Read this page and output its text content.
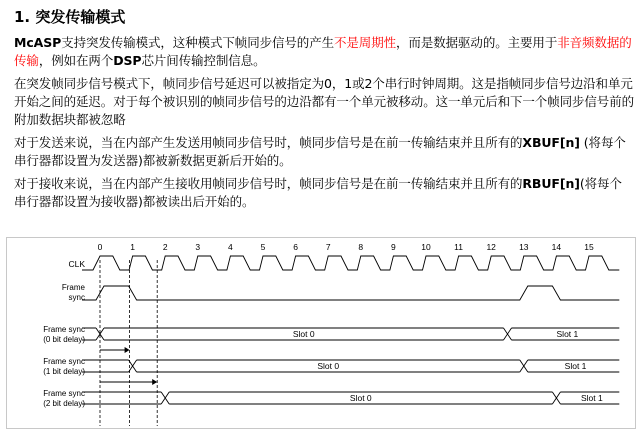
1. 突发传输模式

McASP支持突发传输模式，这种模式下帧同步信号的产生不是周期性，而是数据驱动的。主要用于非音频数据的传输，例如在两个DSP芯片间传输控制信息。

在突发帧同步信号模式下，帧同步信号延迟可以被指定为0，1或2个串行时钟周期。这是指帧同步信号边沿和单元开始之间的延迟。对于每个被识别的帧同步信号的边沿都有一个单元被移动。这一单元后和下一个帧同步信号前的附加数据块都被忽略

对于发送来说，当在内部产生发送用帧同步信号时，帧同步信号是在前一传输结束并且所有的XBUF[n] (将每个串行器都设置为发送器)都被新数据更新后开始的。

对于接收来说，当在内部产生接收用帧同步信号时，帧同步信号是在前一传输结束并且所有的RBUF[n](将每个串行器都设置为接收器)都被读出后开始的。

0	1	2	3	4	5	6	7	8	9	10	11	12	13	14	15
CLK
Frame
sync
Slot 0	Slot 1
Frame sync
(0 bit delay)
Slot 0	Slot 1
Frame sync
(1 bit delay)
Slot 0	Slot 1
Frame sync
(2 bit delay)
